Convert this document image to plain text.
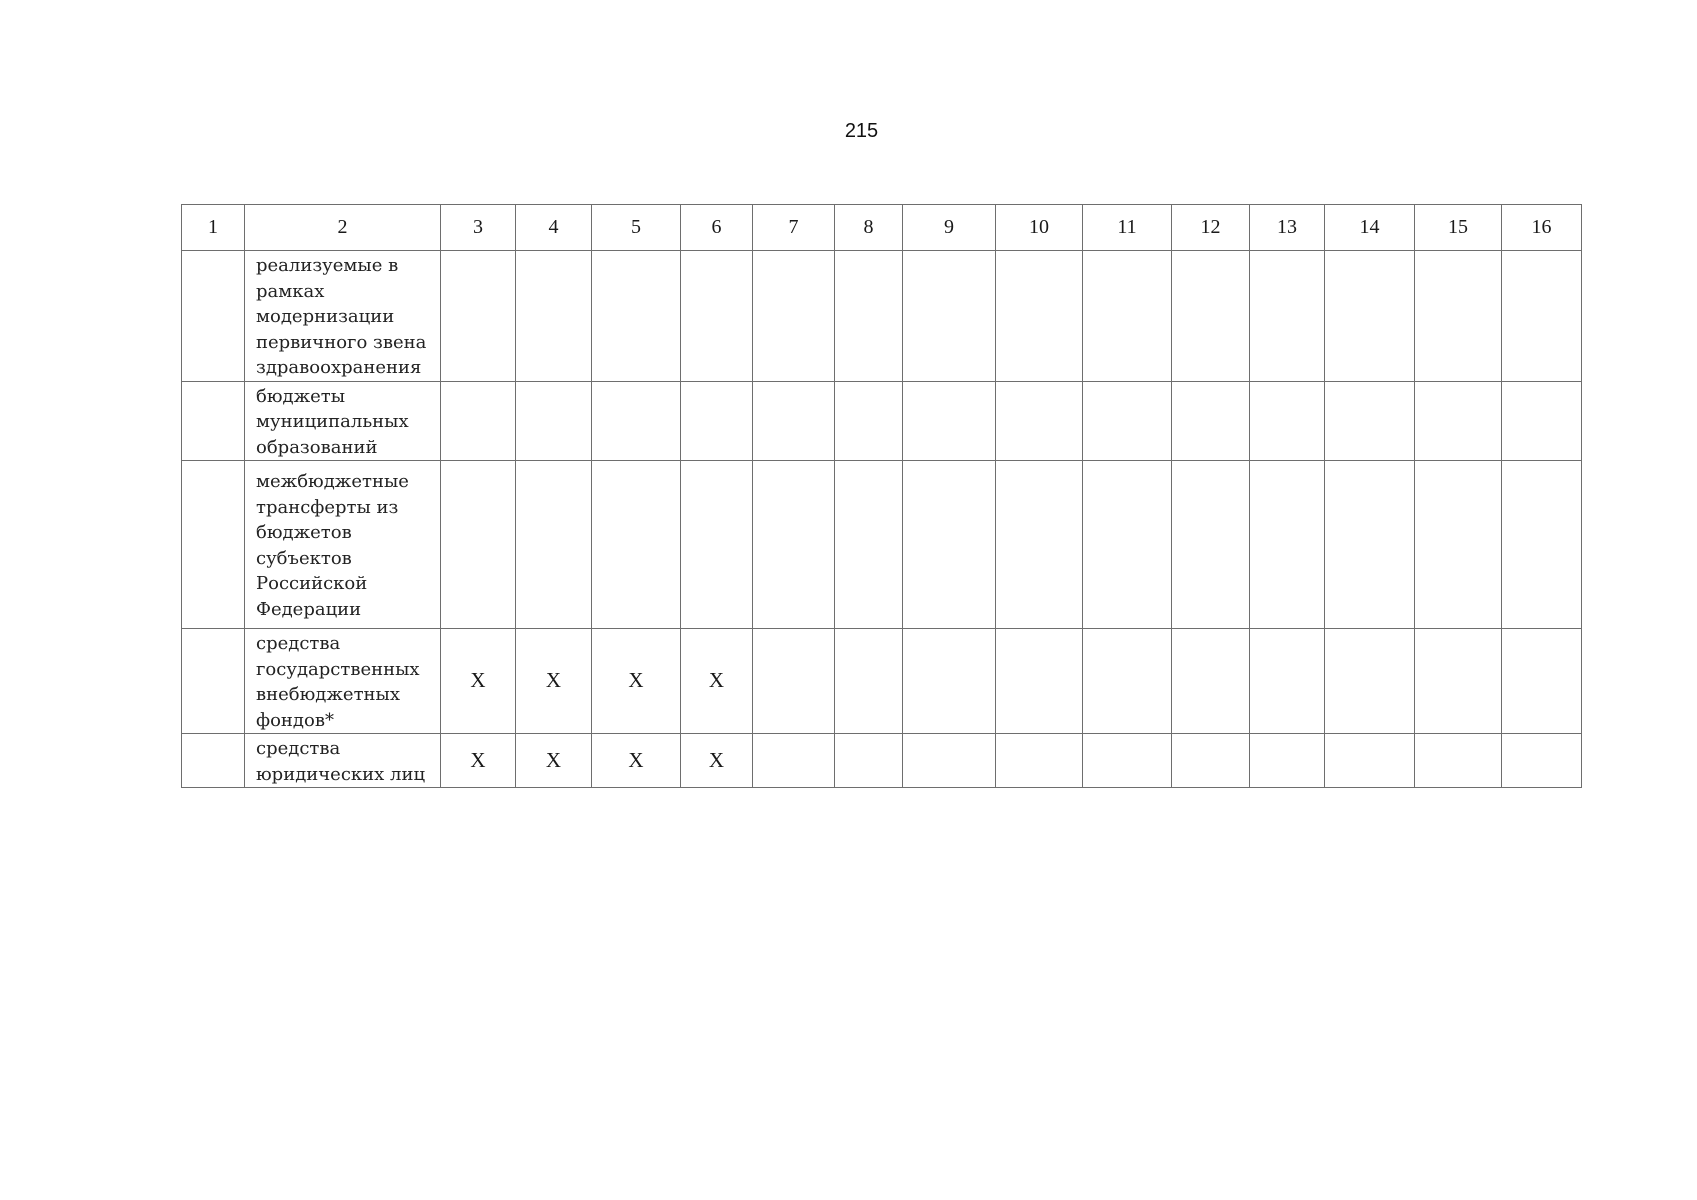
215
1	2	3	4	5	6	7	8	9	10	11	12	13	14	15	16
	реализуемые в рамках модернизации первичного звена здравоохранения														
	бюджеты муниципальных образований														
	межбюджетные трансферты из бюджетов субъектов Российской Федерации														
	средства государственных внебюджетных фондов*	X	X	X	X										
	средства юридических лиц	X	X	X	X										
